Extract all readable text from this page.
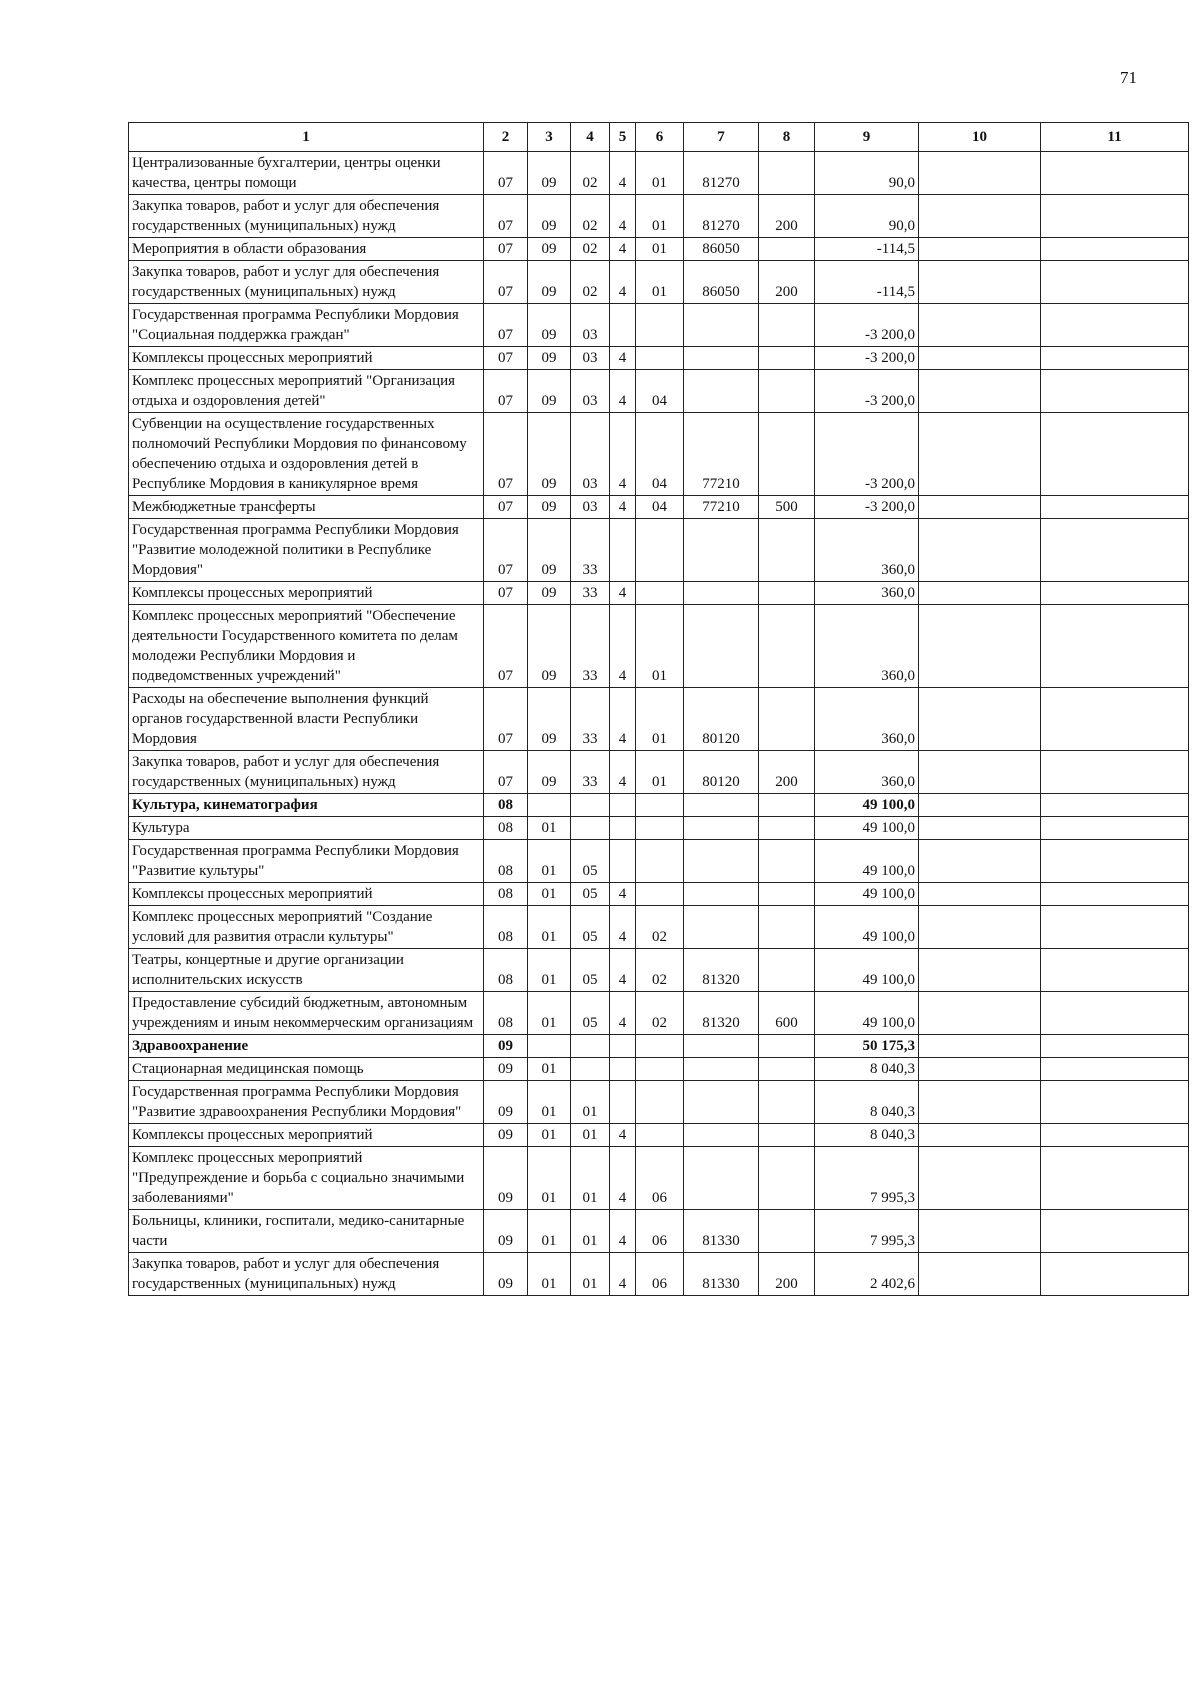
71
1	2	3	4	5	6	7	8	9	10	11
Централизованные бухгалтерии, центры оценки качества, центры помощи	07	09	02	4	01	81270		90,0		
Закупка товаров, работ и услуг для обеспечения государственных (муниципальных) нужд	07	09	02	4	01	81270	200	90,0		
Мероприятия в области образования	07	09	02	4	01	86050		-114,5		
Закупка товаров, работ и услуг для обеспечения государственных (муниципальных) нужд	07	09	02	4	01	86050	200	-114,5		
Государственная программа Республики Мордовия "Социальная поддержка граждан"	07	09	03					-3 200,0		
Комплексы процессных мероприятий	07	09	03	4				-3 200,0		
Комплекс процессных мероприятий "Организация отдыха и оздоровления детей"	07	09	03	4	04			-3 200,0		
Субвенции на осуществление государственных полномочий Республики Мордовия по финансовому обеспечению отдыха и оздоровления детей в Республике Мордовия в каникулярное время	07	09	03	4	04	77210		-3 200,0		
Межбюджетные трансферты	07	09	03	4	04	77210	500	-3 200,0		
Государственная программа Республики Мордовия "Развитие молодежной политики в Республике Мордовия"	07	09	33					360,0		
Комплексы процессных мероприятий	07	09	33	4				360,0		
Комплекс процессных мероприятий "Обеспечение деятельности Государственного комитета по делам молодежи Республики Мордовия и подведомственных учреждений"	07	09	33	4	01			360,0		
Расходы на обеспечение выполнения функций органов государственной власти Республики Мордовия	07	09	33	4	01	80120		360,0		
Закупка товаров, работ и услуг для обеспечения государственных (муниципальных) нужд	07	09	33	4	01	80120	200	360,0		
Культура, кинематография	08							49 100,0		
Культура	08	01						49 100,0		
Государственная программа Республики Мордовия "Развитие культуры"	08	01	05					49 100,0		
Комплексы процессных мероприятий	08	01	05	4				49 100,0		
Комплекс процессных мероприятий "Создание условий для развития отрасли культуры"	08	01	05	4	02			49 100,0		
Театры, концертные и другие организации исполнительских искусств	08	01	05	4	02	81320		49 100,0		
Предоставление субсидий бюджетным, автономным учреждениям и иным некоммерческим организациям	08	01	05	4	02	81320	600	49 100,0		
Здравоохранение	09							50 175,3		
Стационарная медицинская помощь	09	01						8 040,3		
Государственная программа Республики Мордовия "Развитие здравоохранения Республики Мордовия"	09	01	01					8 040,3		
Комплексы процессных мероприятий	09	01	01	4				8 040,3		
Комплекс процессных мероприятий "Предупреждение и борьба с социально значимыми заболеваниями"	09	01	01	4	06			7 995,3		
Больницы, клиники, госпитали, медико-санитарные части	09	01	01	4	06	81330		7 995,3		
Закупка товаров, работ и услуг для обеспечения государственных (муниципальных) нужд	09	01	01	4	06	81330	200	2 402,6		
